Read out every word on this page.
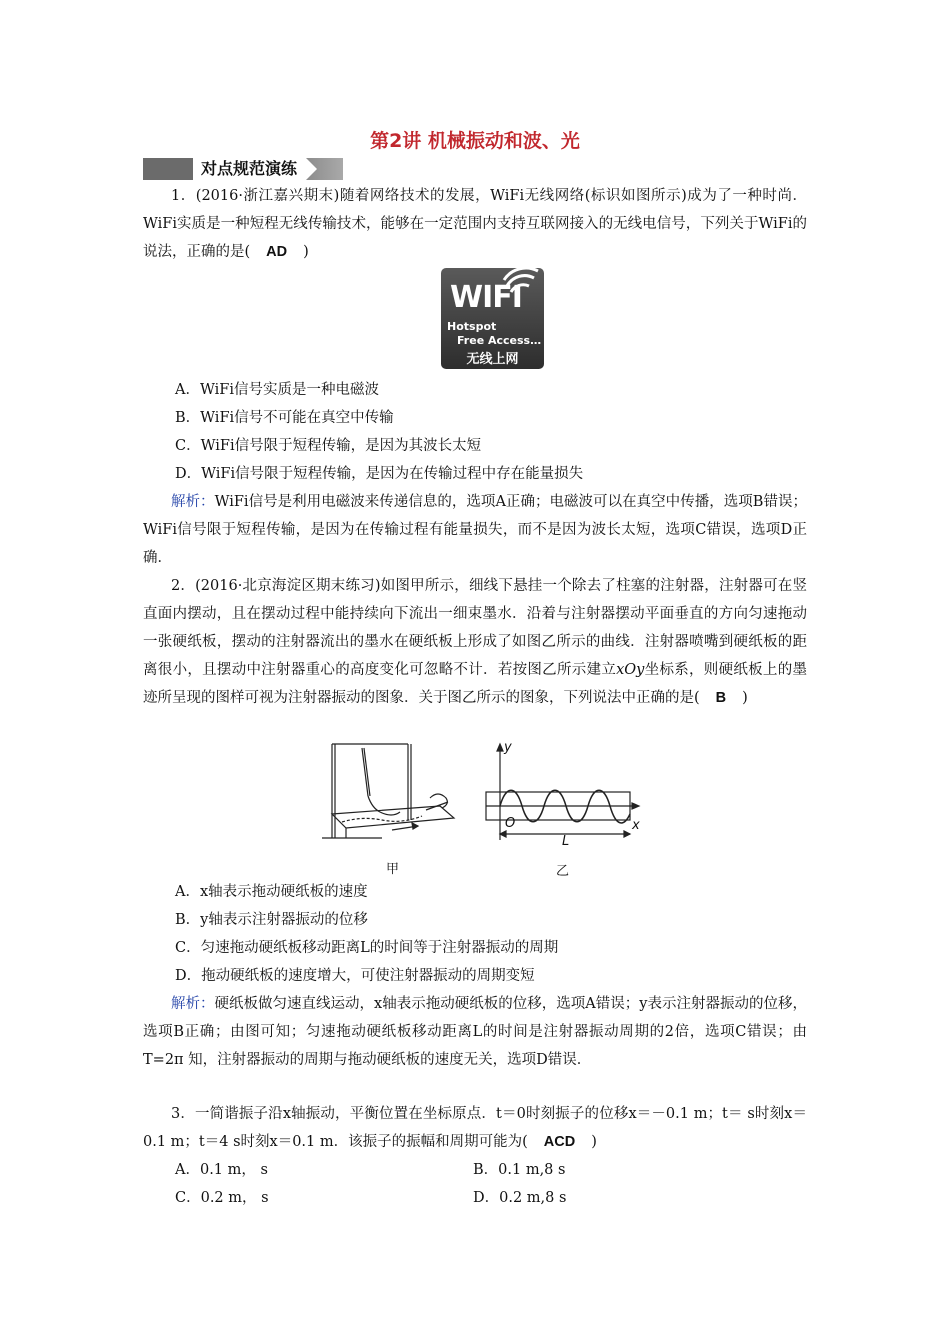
第2讲 机械振动和波、光
对点规范演练

1．(2016·浙江嘉兴期末)随着网络技术的发展，WiFi无线网络(标识如图所示)成为了一种时尚．WiFi实质是一种短程无线传输技术，能够在一定范围内支持互联网接入的无线电信号，下列关于WiFi的说法，正确的是( AD )

WIFI
Hotspot
Free Access…
无线上网

A．WiFi信号实质是一种电磁波

B．WiFi信号不可能在真空中传输

C．WiFi信号限于短程传输，是因为其波长太短

D．WiFi信号限于短程传输，是因为在传输过程中存在能量损失

解析：WiFi信号是利用电磁波来传递信息的，选项A正确；电磁波可以在真空中传播，选项B错误；WiFi信号限于短程传输，是因为在传输过程有能量损失，而不是因为波长太短，选项C错误，选项D正确．

2．(2016·北京海淀区期末练习)如图甲所示，细线下悬挂一个除去了柱塞的注射器，注射器可在竖直面内摆动，且在摆动过程中能持续向下流出一细束墨水．沿着与注射器摆动平面垂直的方向匀速拖动一张硬纸板，摆动的注射器流出的墨水在硬纸板上形成了如图乙所示的曲线．注射器喷嘴到硬纸板的距离很小，且摆动中注射器重心的高度变化可忽略不计．若按图乙所示建立xOy坐标系，则硬纸板上的墨迹所呈现的图样可视为注射器振动的图象．关于图乙所示的图象，下列说法中正确的是( B )

甲
y
x
O
L
乙

A．x轴表示拖动硬纸板的速度

B．y轴表示注射器振动的位移

C．匀速拖动硬纸板移动距离L的时间等于注射器振动的周期

D．拖动硬纸板的速度增大，可使注射器振动的周期变短

解析：硬纸板做匀速直线运动，x轴表示拖动硬纸板的位移，选项A错误；y表示注射器振动的位移，选项B正确；由图可知；匀速拖动硬纸板移动距离L的时间是注射器振动周期的2倍，选项C错误；由 T=2π 知，注射器振动的周期与拖动硬纸板的速度无关，选项D错误．

3．一简谐振子沿x轴振动，平衡位置在坐标原点．t＝0时刻振子的位移x＝－0.1 m；t＝ s时刻x＝0.1 m；t＝4 s时刻x＝0.1 m．该振子的振幅和周期可能为( ACD )

A．0.1 m， s	B．0.1 m,8 s
C．0.2 m， s	D．0.2 m,8 s
